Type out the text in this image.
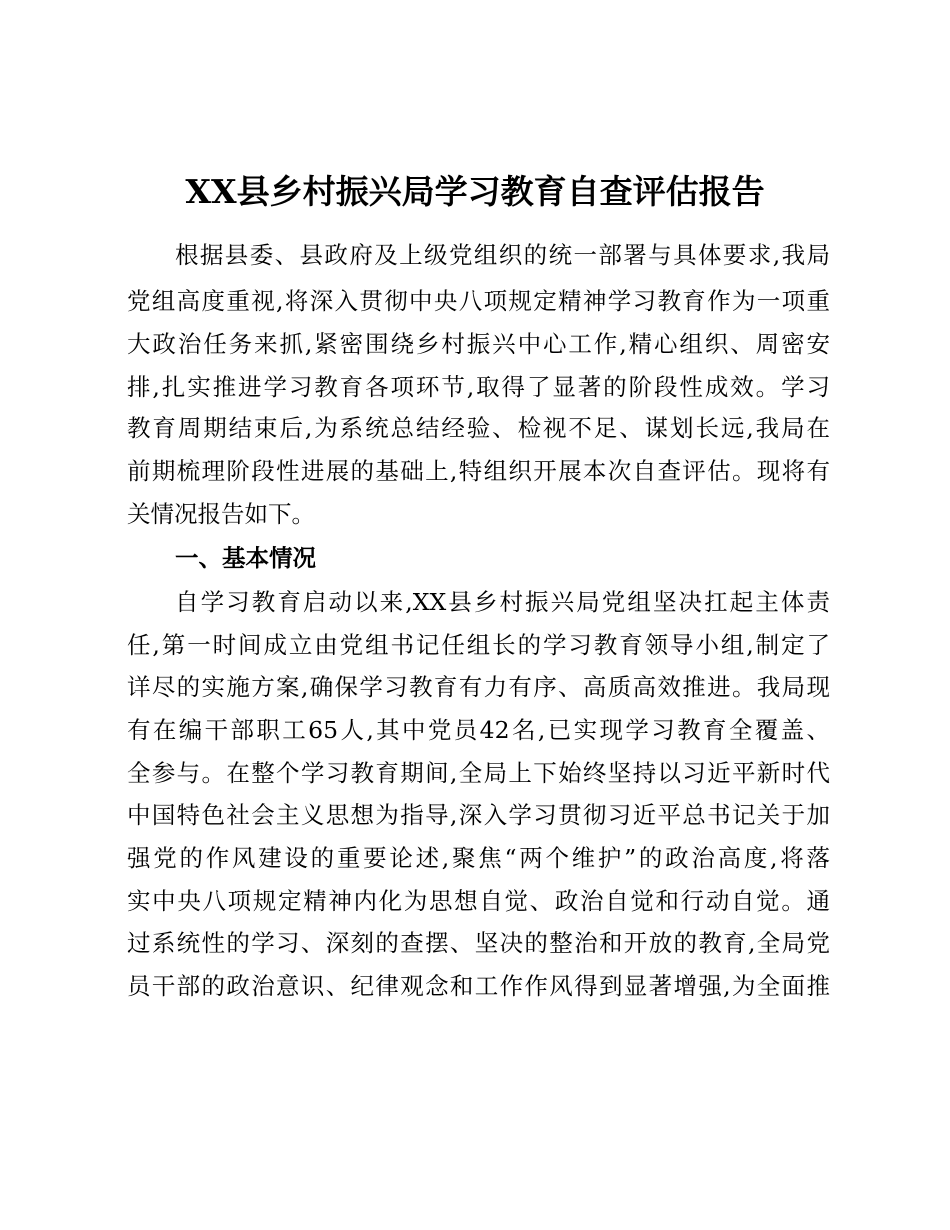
XX县乡村振兴局学习教育自查评估报告
根据县委、县政府及上级党组织的统一部署与具体要求,我局
党组高度重视,将深入贯彻中央八项规定精神学习教育作为一项重
大政治任务来抓,紧密围绕乡村振兴中心工作,精心组织、周密安
排,扎实推进学习教育各项环节,取得了显著的阶段性成效。学习
教育周期结束后,为系统总结经验、检视不足、谋划长远,我局在
前期梳理阶段性进展的基础上,特组织开展本次自查评估。现将有
关情况报告如下。
一、基本情况
自学习教育启动以来,XX县乡村振兴局党组坚决扛起主体责
任,第一时间成立由党组书记任组长的学习教育领导小组,制定了
详尽的实施方案,确保学习教育有力有序、高质高效推进。我局现
有在编干部职工65人,其中党员42名,已实现学习教育全覆盖、
全参与。在整个学习教育期间,全局上下始终坚持以习近平新时代
中国特色社会主义思想为指导,深入学习贯彻习近平总书记关于加
强党的作风建设的重要论述,聚焦“两个维护”的政治高度,将落
实中央八项规定精神内化为思想自觉、政治自觉和行动自觉。通
过系统性的学习、深刻的查摆、坚决的整治和开放的教育,全局党
员干部的政治意识、纪律观念和工作作风得到显著增强,为全面推
